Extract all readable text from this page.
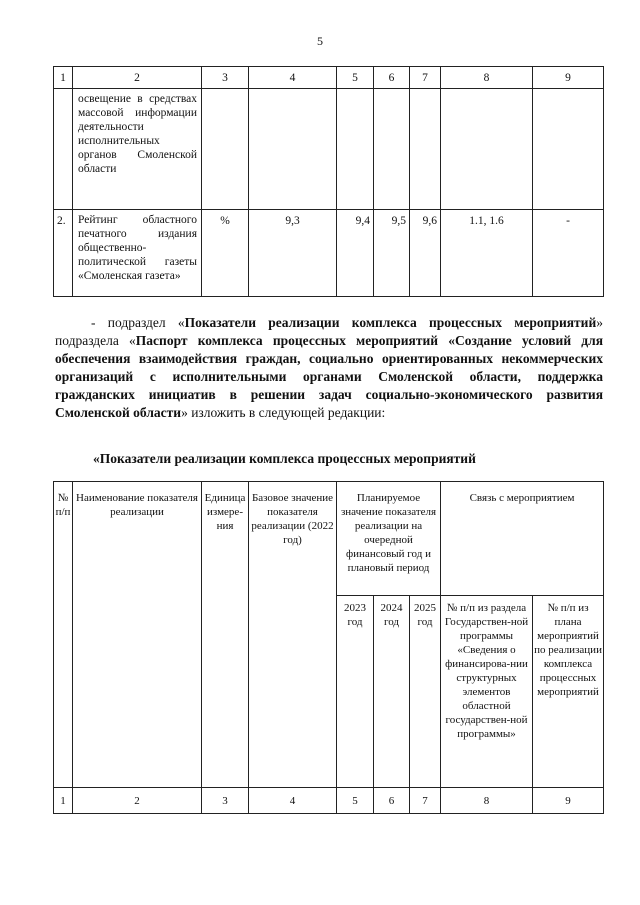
5
1	2	3	4	5	6	7	8	9
	освещение в средствах массовой информации деятельности исполнительных органов Смоленской области							
2.	Рейтинг областного печатного издания общественно-политической газеты «Смоленская газета»	%	9,3	9,4	9,5	9,6	1.1, 1.6	-
- подраздел «Показатели реализации комплекса процессных мероприятий» подраздела «Паспорт комплекса процессных мероприятий «Создание условий для обеспечения взаимодействия граждан, социально ориентированных некоммерческих организаций с исполнительными органами Смоленской области, поддержка гражданских инициатив в решении задач социально-экономического развития Смоленской области» изложить в следующей редакции:
«Показатели реализации комплекса процессных мероприятий
№ п/п	Наименование показателя реализации	Единица измере-ния	Базовое значение показателя реализации (2022 год)	Планируемое значение показателя реализации на очередной финансовый год и плановый период			Связь с мероприятием	
				2023 год	2024 год	2025 год	№ п/п из раздела Государствен-ной программы «Сведения о финансирова-нии структурных элементов областной государствен-ной программы»	№ п/п из плана мероприятий по реализации комплекса процессных мероприятий
1	2	3	4	5	6	7	8	9
